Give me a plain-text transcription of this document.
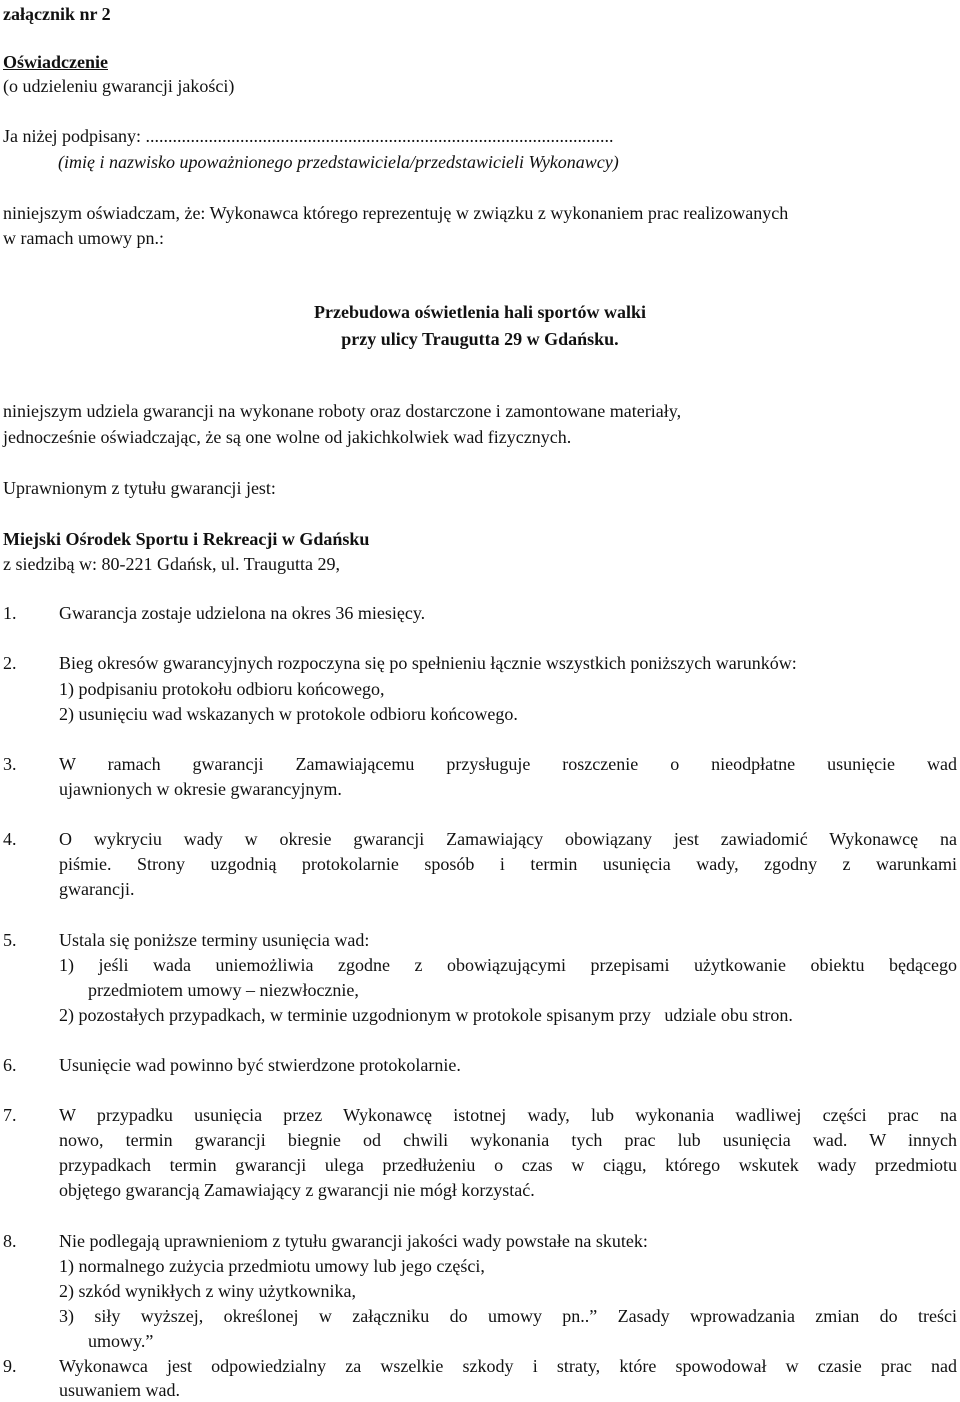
załącznik nr 2
Oświadczenie
(o udzieleniu gwarancji jakości)
Ja niżej podpisany: ........................................................................................................
(imię i nazwisko upoważnionego przedstawiciela/przedstawicieli Wykonawcy)
niniejszym oświadczam, że: Wykonawca którego reprezentuję w związku z wykonaniem prac realizowanych
w ramach umowy pn.:
Przebudowa oświetlenia hali sportów walki
przy ulicy Traugutta 29 w Gdańsku.
niniejszym udziela gwarancji na wykonane roboty oraz dostarczone i zamontowane materiały,
jednocześnie oświadczając, że są one wolne od jakichkolwiek wad fizycznych.
Uprawnionym z tytułu gwarancji jest:
Miejski Ośrodek Sportu i Rekreacji w Gdańsku
z siedzibą w: 80-221 Gdańsk, ul. Traugutta 29,
1. Gwarancja zostaje udzielona na okres 36 miesięcy.
2. Bieg okresów gwarancyjnych rozpoczyna się po spełnieniu łącznie wszystkich poniższych warunków:
1) podpisaniu protokołu odbioru końcowego,
2) usunięciu wad wskazanych w protokole odbioru końcowego.
3. W ramach gwarancji Zamawiającemu przysługuje roszczenie o nieodpłatne usunięcie wad
ujawnionych w okresie gwarancyjnym.
4. O wykryciu wady w okresie gwarancji Zamawiający obowiązany jest zawiadomić Wykonawcę na
piśmie. Strony uzgodnią protokolarnie sposób i termin usunięcia wady, zgodny z warunkami
gwarancji.
5. Ustala się poniższe terminy usunięcia wad:
1) jeśli wada uniemożliwia zgodne z obowiązującymi przepisami użytkowanie obiektu będącego
przedmiotem umowy – niezwłocznie,
2) pozostałych przypadkach, w terminie uzgodnionym w protokole spisanym przy   udziale obu stron.
6. Usunięcie wad powinno być stwierdzone protokolarnie.
7. W przypadku usunięcia przez Wykonawcę istotnej wady, lub wykonania wadliwej części prac na
nowo, termin gwarancji biegnie od chwili wykonania tych prac lub usunięcia wad. W innych
przypadkach termin gwarancji ulega przedłużeniu o czas w ciągu, którego wskutek wady przedmiotu
objętego gwarancją Zamawiający z gwarancji nie mógł korzystać.
8. Nie podlegają uprawnieniom z tytułu gwarancji jakości wady powstałe na skutek:
1) normalnego zużycia przedmiotu umowy lub jego części,
2) szkód wynikłych z winy użytkownika,
3) siły wyższej, określonej w załączniku do umowy pn..” Zasady wprowadzania zmian do treści
umowy.”
9. Wykonawca jest odpowiedzialny za wszelkie szkody i straty, które spowodował w czasie prac nad
usuwaniem wad.
